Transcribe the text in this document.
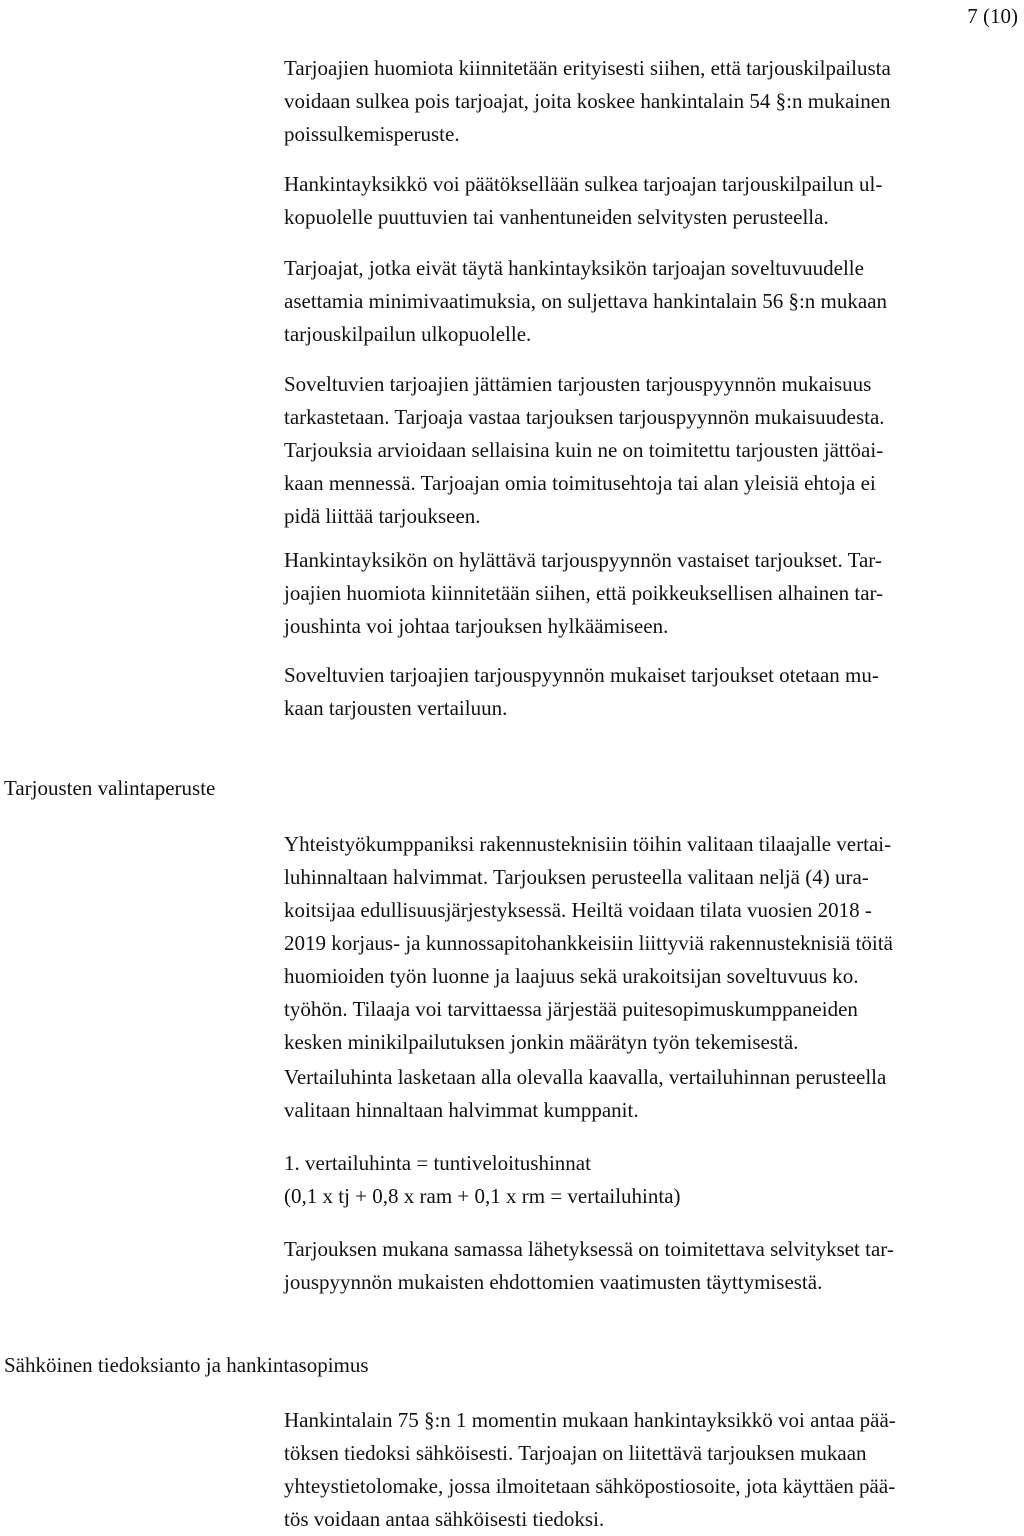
7 (10)

Tarjoajien huomiota kiinnitetään erityisesti siihen, että tarjouskilpailusta
voidaan sulkea pois tarjoajat, joita koskee hankintalain 54 §:n mukainen
poissulkemisperuste.

Hankintayksikkö voi päätöksellään sulkea tarjoajan tarjouskilpailun ul-
kopuolelle puuttuvien tai vanhentuneiden selvitysten perusteella.

Tarjoajat, jotka eivät täytä hankintayksikön tarjoajan soveltuvuudelle
asettamia minimivaatimuksia, on suljettava hankintalain 56 §:n mukaan
tarjouskilpailun ulkopuolelle.

Soveltuvien tarjoajien jättämien tarjousten tarjouspyynnön mukaisuus
tarkastetaan. Tarjoaja vastaa tarjouksen tarjouspyynnön mukaisuudesta.
Tarjouksia arvioidaan sellaisina kuin ne on toimitettu tarjousten jättöai-
kaan mennessä. Tarjoajan omia toimitusehtoja tai alan yleisiä ehtoja ei
pidä liittää tarjoukseen.

Hankintayksikön on hylättävä tarjouspyynnön vastaiset tarjoukset. Tar-
joajien huomiota kiinnitetään siihen, että poikkeuksellisen alhainen tar-
joushinta voi johtaa tarjouksen hylkäämiseen.

Soveltuvien tarjoajien tarjouspyynnön mukaiset tarjoukset otetaan mu-
kaan tarjousten vertailuun.

Tarjousten valintaperuste

Yhteistyökumppaniksi rakennusteknisiin töihin valitaan tilaajalle vertai-
luhinnaltaan halvimmat. Tarjouksen perusteella valitaan neljä (4) ura-
koitsijaa edullisuusjärjestyksessä. Heiltä voidaan tilata vuosien 2018 -
2019 korjaus- ja kunnossapitohankkeisiin liittyviä rakennusteknisiä töitä
huomioiden työn luonne ja laajuus sekä urakoitsijan soveltuvuus ko.
työhön. Tilaaja voi tarvittaessa järjestää puitesopimuskumppaneiden
kesken minikilpailutuksen jonkin määrätyn työn tekemisestä.

Vertailuhinta lasketaan alla olevalla kaavalla, vertailuhinnan perusteella
valitaan hinnaltaan halvimmat kumppanit.

1. vertailuhinta = tuntiveloitushinnat
(0,1 x tj + 0,8 x ram + 0,1 x rm = vertailuhinta)

Tarjouksen mukana samassa lähetyksessä on toimitettava selvitykset tar-
jouspyynnön mukaisten ehdottomien vaatimusten täyttymisestä.

Sähköinen tiedoksianto ja hankintasopimus

Hankintalain 75 §:n 1 momentin mukaan hankintayksikkö voi antaa pää-
töksen tiedoksi sähköisesti. Tarjoajan on liitettävä tarjouksen mukaan
yhteystietolomake, jossa ilmoitetaan sähköpostiosoite, jota käyttäen pää-
tös voidaan antaa sähköisesti tiedoksi.
